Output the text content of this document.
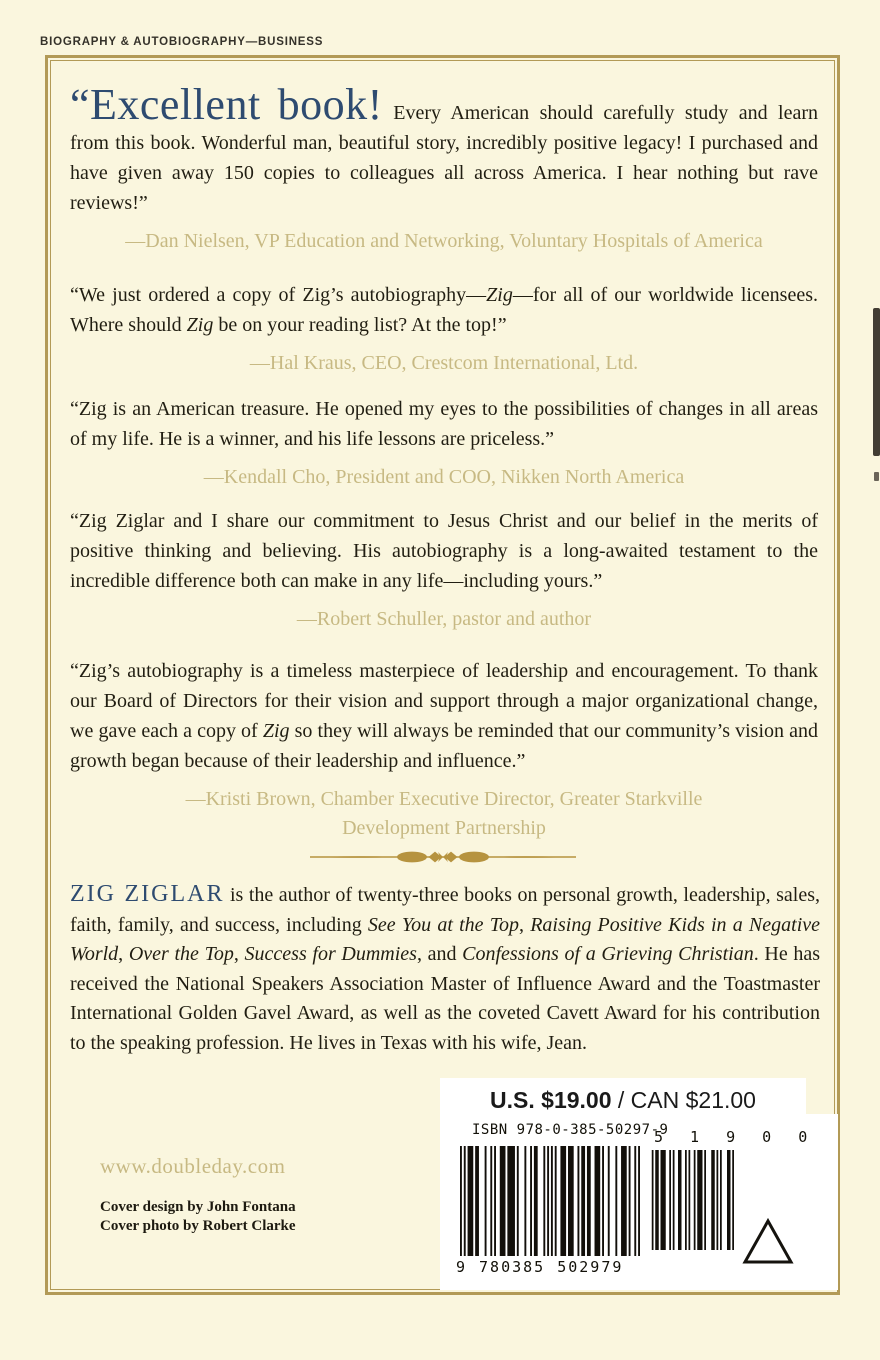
BIOGRAPHY & AUTOBIOGRAPHY—BUSINESS

“Excellent book! Every American should carefully study and learn from this book. Wonderful man, beautiful story, incredibly positive legacy! I purchased and have given away 150 copies to colleagues all across America. I hear nothing but rave reviews!”

—Dan Nielsen, VP Education and Networking, Voluntary Hospitals of America

“We just ordered a copy of Zig’s autobiography—Zig—for all of our worldwide licensees. Where should Zig be on your reading list? At the top!”

—Hal Kraus, CEO, Crestcom International, Ltd.

“Zig is an American treasure. He opened my eyes to the possibilities of changes in all areas of my life. He is a winner, and his life lessons are priceless.”

—Kendall Cho, President and COO, Nikken North America

“Zig Ziglar and I share our commitment to Jesus Christ and our belief in the merits of positive thinking and believing. His autobiography is a long-awaited testament to the incredible difference both can make in any life—including yours.”

—Robert Schuller, pastor and author

“Zig’s autobiography is a timeless masterpiece of leadership and encouragement. To thank our Board of Directors for their vision and support through a major organizational change, we gave each a copy of Zig so they will always be reminded that our community’s vision and growth began because of their leadership and influence.”

—Kristi Brown, Chamber Executive Director, Greater Starkville
Development Partnership

ZIG ZIGLAR is the author of twenty-three books on personal growth, leadership, sales, faith, family, and success, including See You at the Top, Raising Positive Kids in a Negative World, Over the Top, Success for Dummies, and Confessions of a Grieving Christian. He has received the National Speakers Association Master of Influence Award and the Toastmaster International Golden Gavel Award, as well as the coveted Cavett Award for his contribution to the speaking profession. He lives in Texas with his wife, Jean.

www.doubleday.com
Cover design by John Fontana
Cover photo by Robert Clarke
U.S. $19.00 / CAN $21.00
ISBN 978-0-385-50297-9
5 1 9 0 0
9 780385 502979
